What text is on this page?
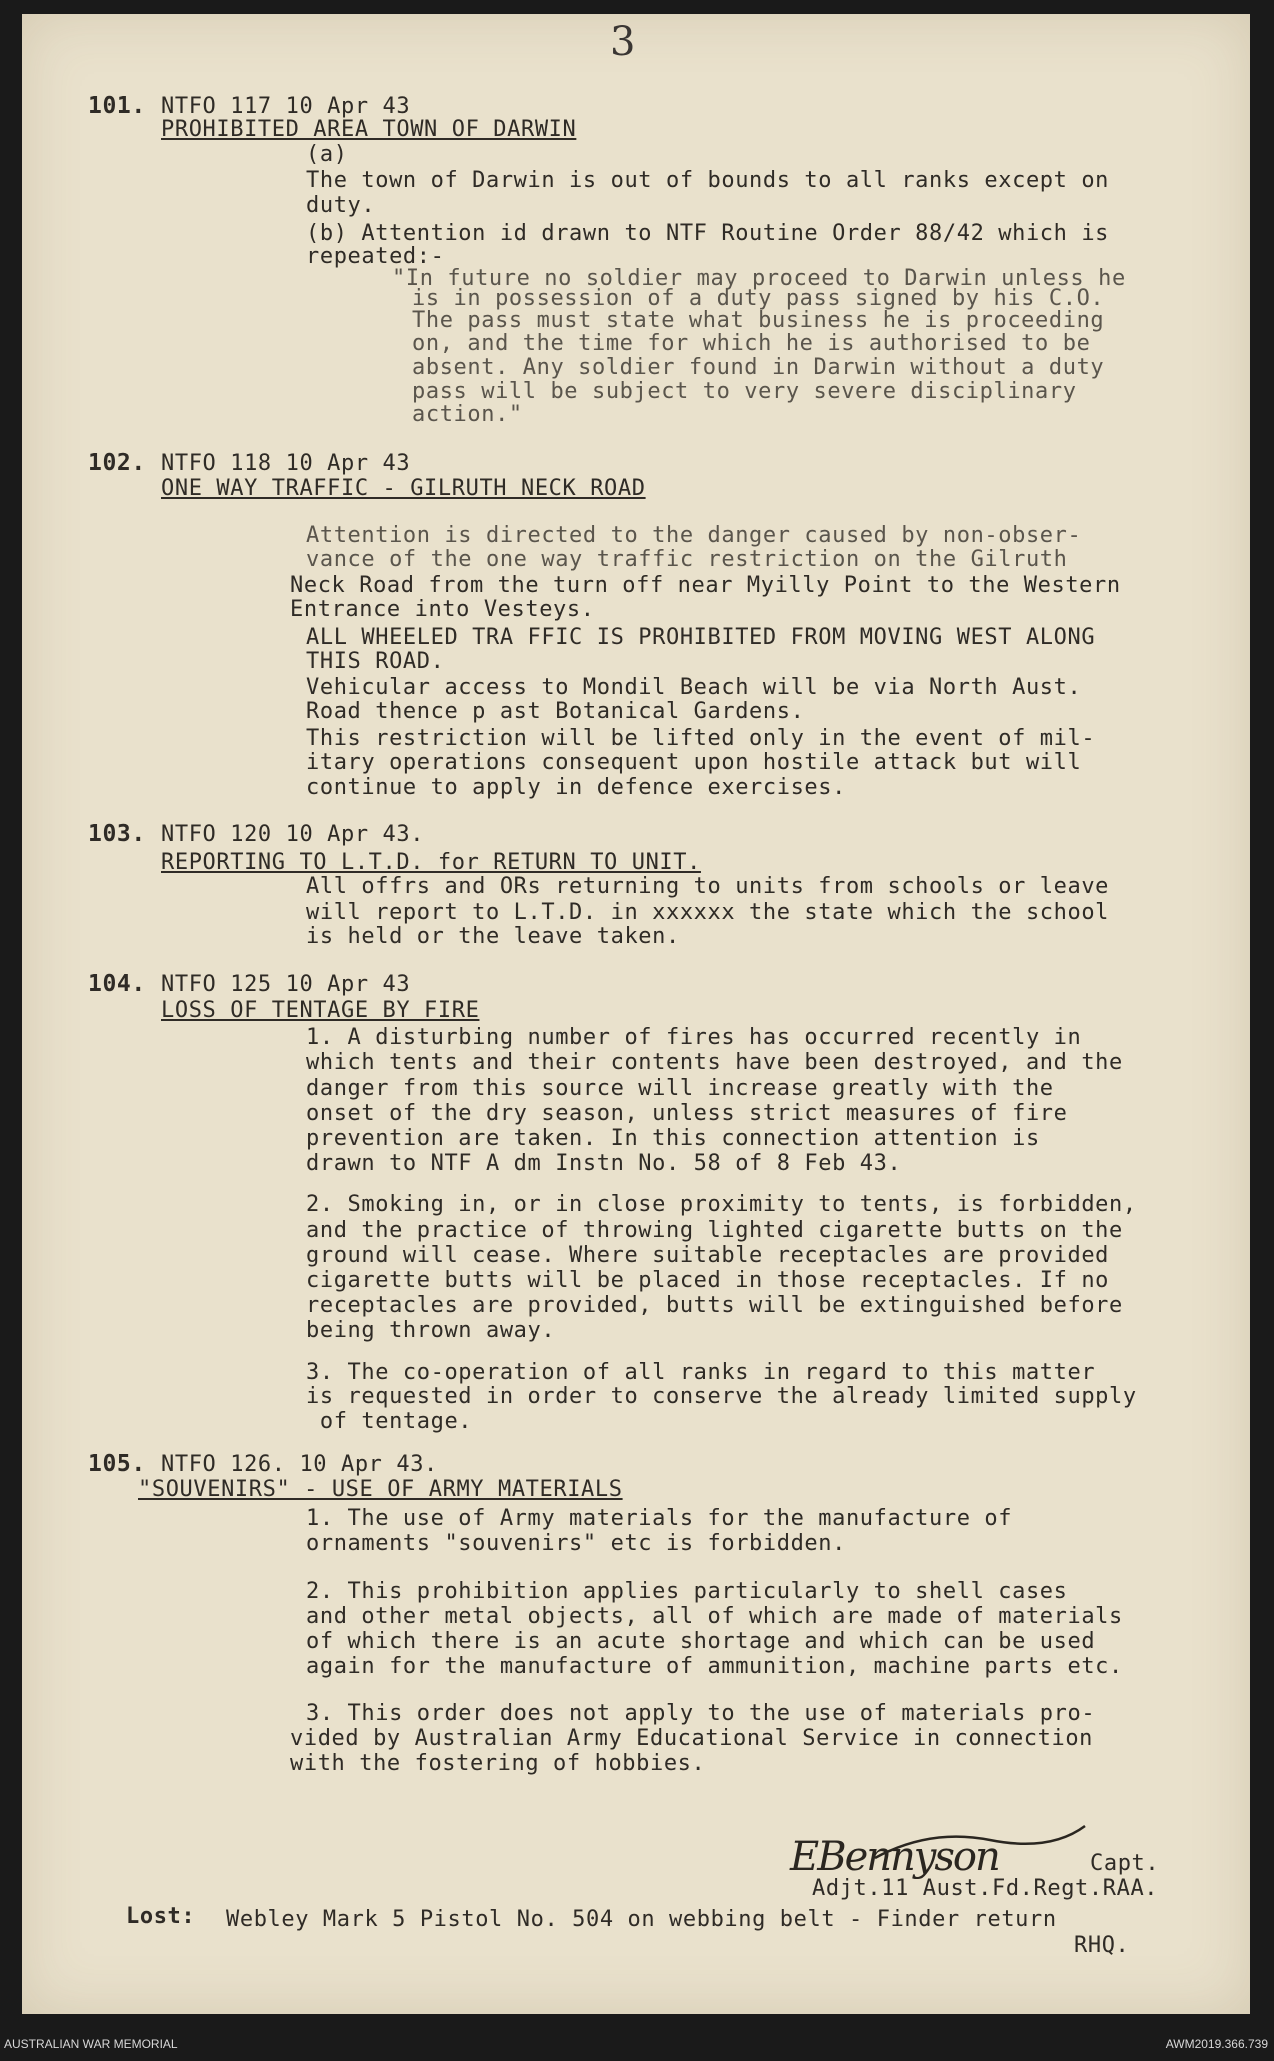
3
101. NTFO 117 10 Apr 43
PROHIBITED AREA TOWN OF DARWIN
(a)
The town of Darwin is out of bounds to all ranks except on
duty.
(b) Attention id drawn to NTF Routine Order 88/42 which is
repeated:-
"In future no soldier may proceed to Darwin unless he
is in possession of a duty pass signed by his C.O.
The pass must state what business he is proceeding
on, and the time for which he is authorised to be
absent. Any soldier found in Darwin without a duty
pass will be subject to very severe disciplinary
action."
102. NTFO 118 10 Apr 43
ONE WAY TRAFFIC - GILRUTH NECK ROAD
Attention is directed to the danger caused by non-obser-
vance of the one way traffic restriction on the Gilruth
Neck Road from the turn off near Myilly Point to the Western
Entrance into Vesteys.
ALL WHEELED TRA FFIC IS PROHIBITED FROM MOVING WEST ALONG
THIS ROAD.
Vehicular access to Mondil Beach will be via North Aust.
Road thence p ast Botanical Gardens.
This restriction will be lifted only in the event of mil-
itary operations consequent upon hostile attack but will
continue to apply in defence exercises.
103. NTFO 120 10 Apr 43.
REPORTING TO L.T.D. for RETURN TO UNIT.
All offrs and ORs returning to units from schools or leave
will report to L.T.D. in xxxxxx the state which the school
is held or the leave taken.
104. NTFO 125 10 Apr 43
LOSS OF TENTAGE BY FIRE
1. A disturbing number of fires has occurred recently in
which tents and their contents have been destroyed, and the
danger from this source will increase greatly with the
onset of the dry season, unless strict measures of fire
prevention are taken. In this connection attention is
drawn to NTF A dm Instn No. 58 of 8 Feb 43.
2. Smoking in, or in close proximity to tents, is forbidden,
and the practice of throwing lighted cigarette butts on the
ground will cease. Where suitable receptacles are provided
cigarette butts will be placed in those receptacles. If no
receptacles are provided, butts will be extinguished before
being thrown away.
3. The co-operation of all ranks in regard to this matter
is requested in order to conserve the already limited supply
of tentage.
105. NTFO 126. 10 Apr 43.
"SOUVENIRS" - USE OF ARMY MATERIALS
1. The use of Army materials for the manufacture of
ornaments "souvenirs" etc is forbidden.
2. This prohibition applies particularly to shell cases
and other metal objects, all of which are made of materials
of which there is an acute shortage and which can be used
again for the manufacture of ammunition, machine parts etc.
3. This order does not apply to the use of materials pro-
vided by Australian Army Educational Service in connection
with the fostering of hobbies.
EBennyson	Capt.
Adjt.11 Aust.Fd.Regt.RAA.
Lost: Webley Mark 5 Pistol No. 504 on webbing belt - Finder return
RHQ.
AUSTRALIAN WAR MEMORIAL	AWM2019.366.739
